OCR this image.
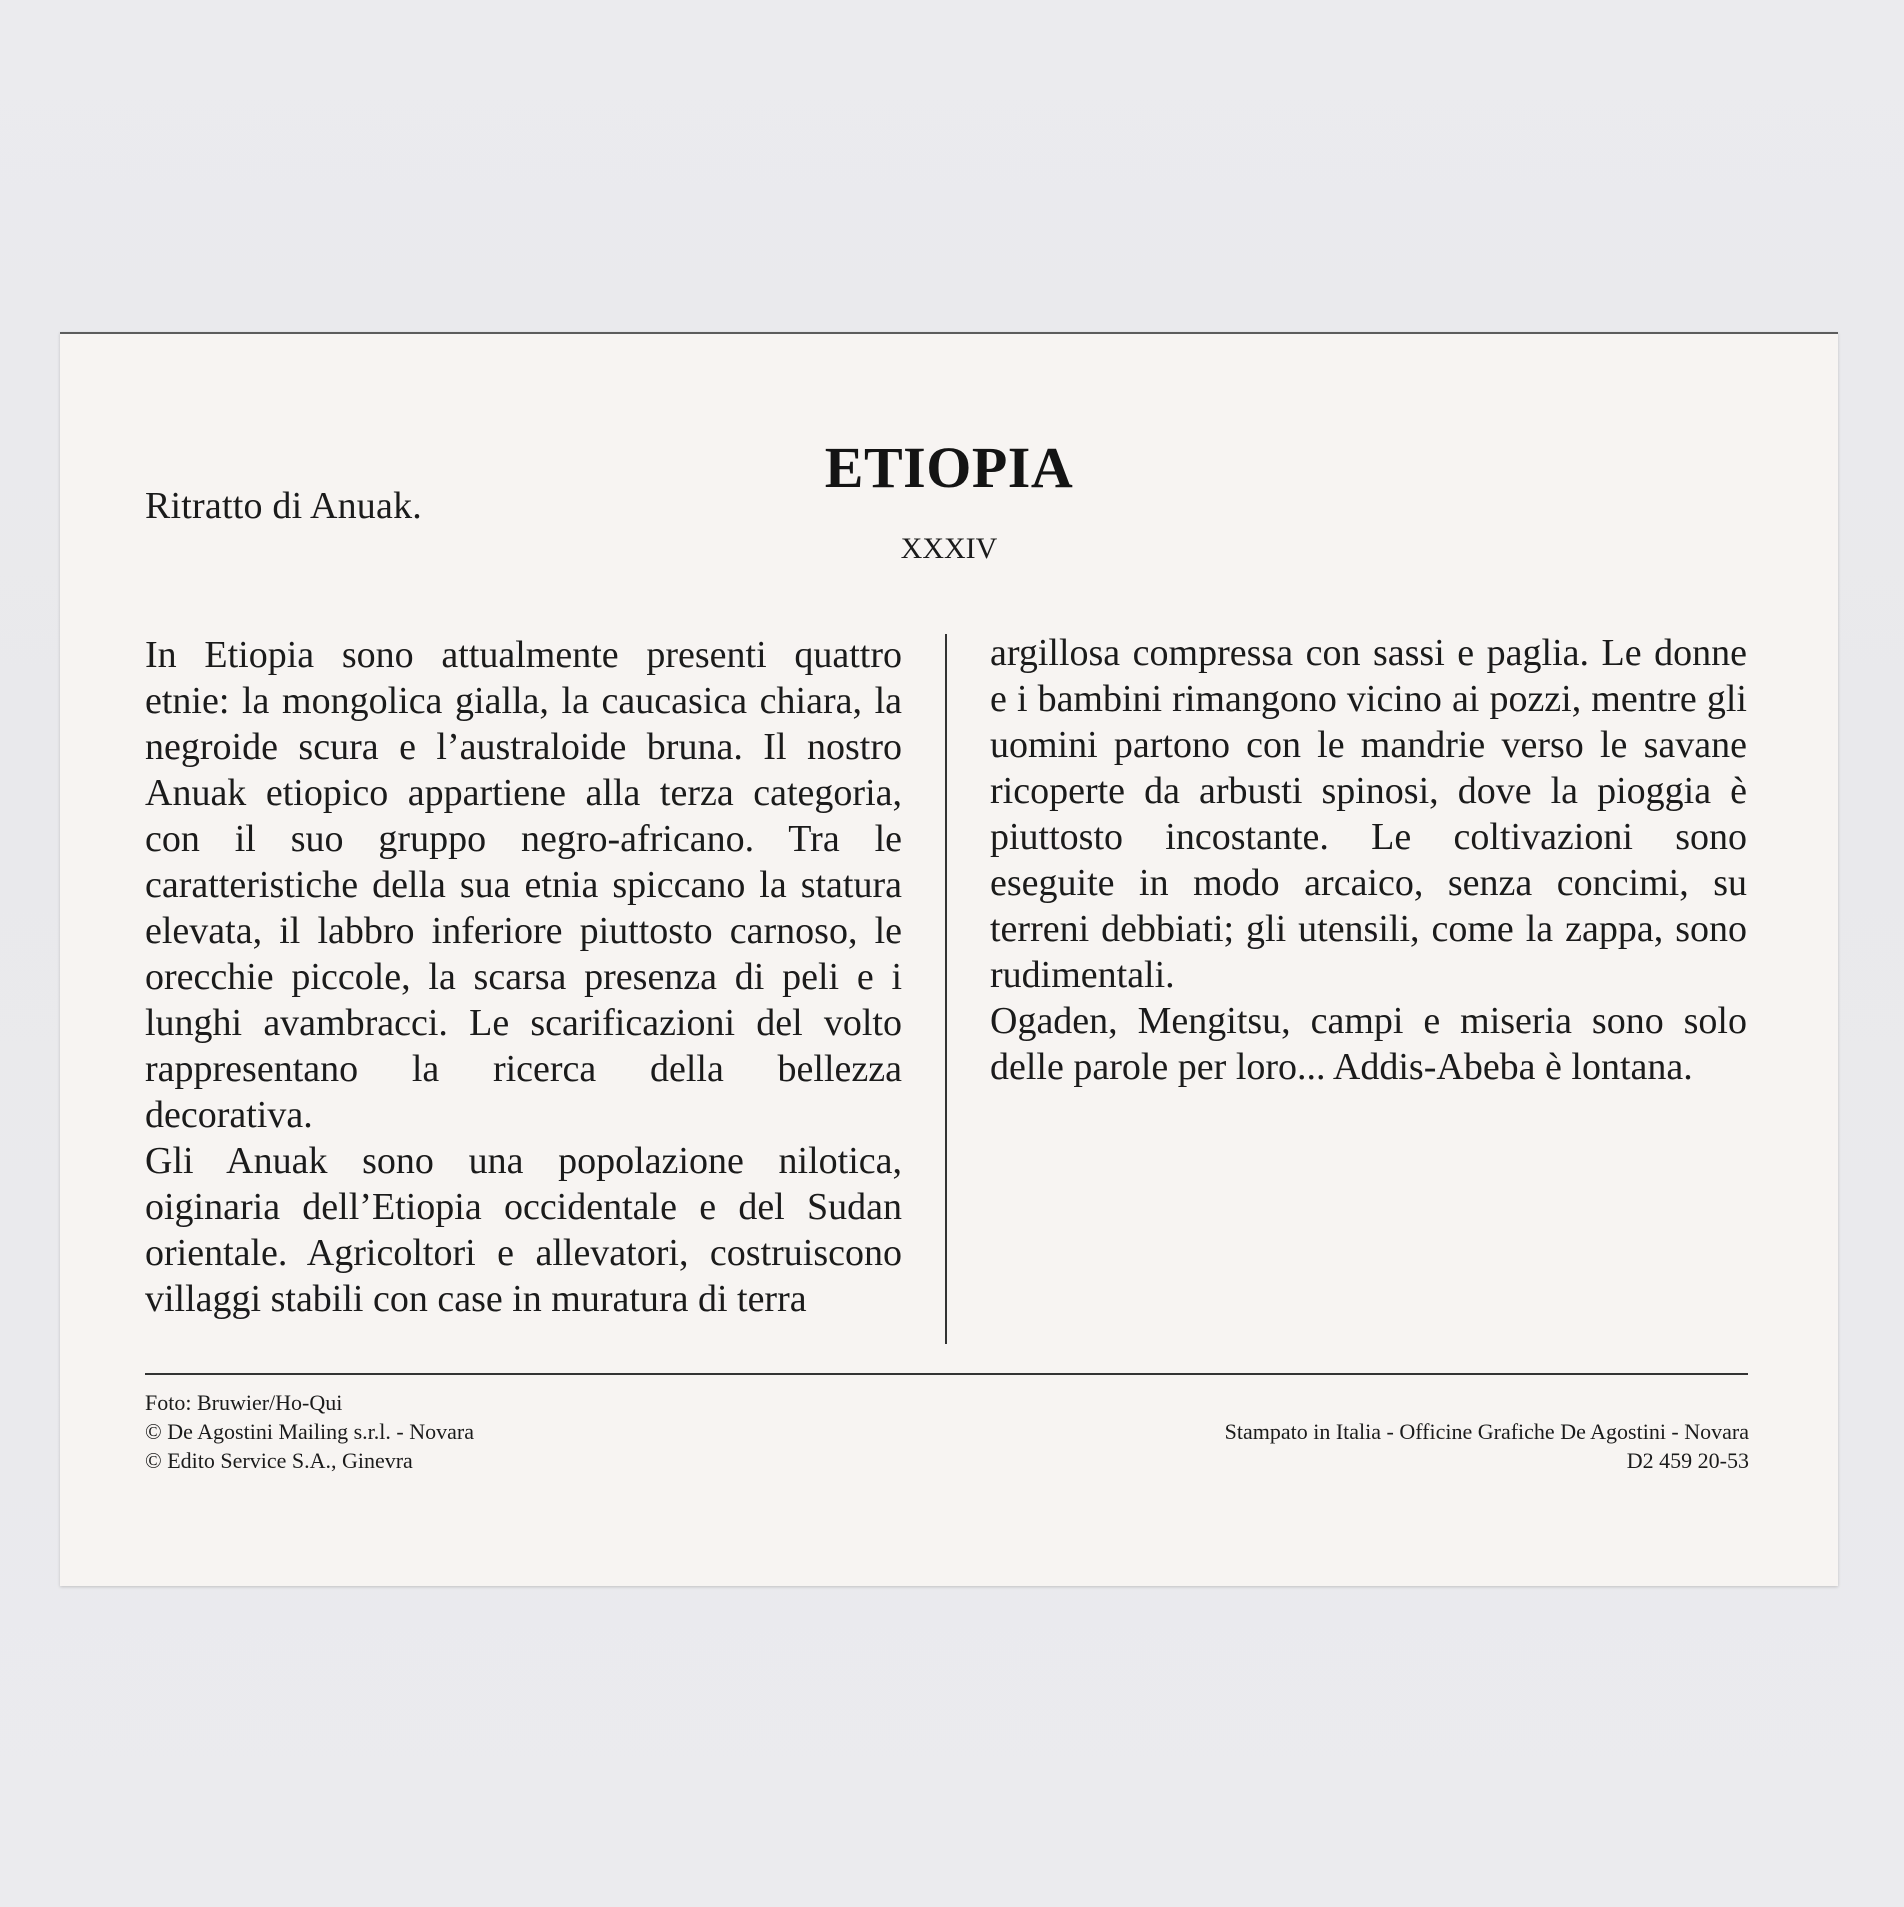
Ritratto di Anuak.
ETIOPIA
XXXIV

In Etiopia sono attualmente presenti quattro etnie: la mongolica gialla, la caucasica chiara, la negroide scura e l’australoide bruna. Il nostro Anuak etiopico appartiene alla terza categoria, con il suo gruppo negro-africano. Tra le caratteristiche della sua etnia spiccano la statura elevata, il labbro inferiore piuttosto carnoso, le orecchie piccole, la scarsa presenza di peli e i lunghi avambracci. Le scarificazioni del volto rappresentano la ricerca della bellezza decorativa.

Gli Anuak sono una popolazione nilotica, oiginaria dell’Etiopia occidentale e del Sudan orientale. Agricoltori e allevatori, costruiscono villaggi stabili con case in muratura di terra

argillosa compressa con sassi e paglia. Le donne e i bambini rimangono vicino ai pozzi, mentre gli uomini partono con le mandrie verso le savane ricoperte da arbusti spinosi, dove la pioggia è piuttosto incostante. Le coltivazioni sono eseguite in modo arcaico, senza concimi, su terreni debbiati; gli utensili, come la zappa, sono rudimentali.

Ogaden, Mengitsu, campi e miseria sono solo delle parole per loro... Addis-Abeba è lontana.

Foto: Bruwier/Ho-Qui
© De Agostini Mailing s.r.l. - Novara
© Edito Service S.A., Ginevra
Stampato in Italia - Officine Grafiche De Agostini - Novara
D2 459 20-53
